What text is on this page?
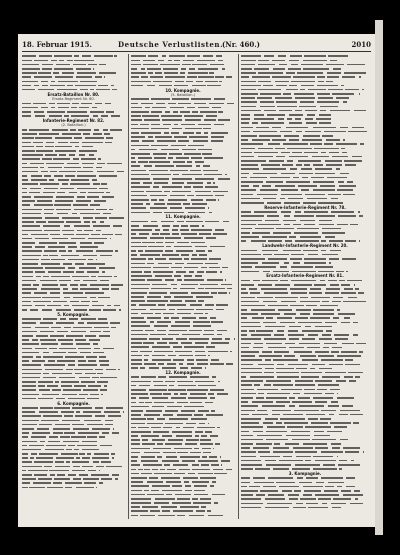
18. Februar 1915.	Deutsche Verlustlisten.
(Nr. 460.)	2010
Ersatz-Bataillon Nr. 80.
Ersatz-Regiment Nr. 80.
Infanterie-Regiment Nr. 82.
(2. Bataillon.)
5. Kompagnie.
6. Kompagnie.
10. Kompagnie.
(5. Bataillon.)
11. Kompagnie.
12. Kompagnie.
Reserve-Infanterie-Regiment Nr. 78.
Landwehr-Infanterie-Regiment Nr. 20.
Ersatz-Infanterie-Regiment Nr. 81.
3. Kompagnie.
